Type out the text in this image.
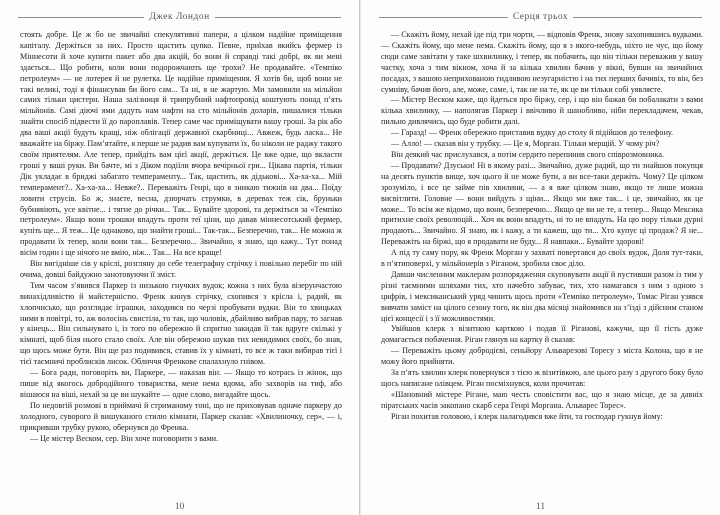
Джек Лондон

стоять добре. Це ж бо не звичайні спекулятивні папери, а цілком надійне приміщення капіталу. Держіться за них. Просто щастить цупко. Певне, приїхав якийсь фермер із Міннесоти й хоче купити пакет або два акцій, бо вони й справді такі добрі, як ви мені здається... Що робити, коли вони подорожчають ще трохи? Не продавайте. «Темпіко петролеум» — не лотерея й не рулетка. Це надійне приміщення. Я хотів би, щоб вони не такі великі, тоді я фінансував би його сам... Та ні, я не жартую. Ми замовили на мільйон самих тільки цистерн. Наша залізниця й трипрубний нафтопровід коштують понад п’ять мільйонів. Самі діючі ями дадуть нам нафти на сто мільйонів доларів, пишалися тільки знайти спосіб підвести її до пароплавів. Тепер саме час приміщувати вашу гроші. За рік або два ваші акції будуть кращі, ніж облігації державної скарбниці... Авжеж, будь ласка... Не вважайте на біржу. Пам’ятайте, я перше не радив вам купувати їх, бо ніколи не раджу такого своїм приятелям. Але тепер, прийдіть вам цієї акції, держіться. Це вже одне, що вкласти гроші у ваші руки. Ви бачте, мі з Діком подіїли вчора вечірньої гри... Цікава партія, тільки Дік укладає в бриджі забагато темпераменту... Так, щастить, як дідькові... Ха-ха-ха... Мій темперамент?.. Ха-ха-ха... Невже?.. Переважіть Генрі, що я зникаю тижнів на два... Поїду ловити струсів. Бо ж, знаєте, весна, дзюрчать струмки, в деревах теж сік, бруньки бубнявіють, усе квітне... і тягне до річки... Так... Бувайте здорові, та держіться за «Темпіко петролеум». Якщо вони трошки впадуть проти теї ціни, що давав міннесотський фермер, купіть ще... Я теж... Це однаково, що знайти гроші... Так-так... Безперечно, так... Не можна ж продавати їх тепер, коли вони так... Безперечно... Звичайно, я знаю, що кажу... Тут понад вісім годин і ще нічого не вмію, ніж... Так... На все краще!

Він вигідніше сів у кріслі, розгляну до себе телеграфну стрічку і повільно перебіг по ній очима, довші байдужно занотовуючи її зміст.

Тим часом з’явився Паркер із низькою гнучких вудок; кожна з них була візерунчастою винахідливістю й майстерністю. Френк кинув стрічку, схопився з крісла і, радий, як хлопчисько, що розглядає іграшки, заходився по черзі пробувати вудки. Він то хвицьках ними в повітрі, то, аж волосінь свистіла, то так, що чоловік, дбайливо вибрав пару, то загнав у кінець... Він сильнувато і, із того по обережно й спритно закидав її так вдруге скількі у кімнаті, щоб біля нього стало своїх. Але він обережно шукав тих невидимих своїх, бо знав, що щось може бути. Він ще раз подивився, ставив їх у кімнаті, то все ж таки вибирав тієї ї тієї таємничі проблисків лисок. Обличчя Френкове спалахнуло гнівом.

— Бога ради, поговоріть ви, Паркере, — наказав він. — Якщо то котрась із жінок, що пише від якогось добродійного товариства, мене нема вдома, або захворів на тиф, або вішаюся на віші, нехай за це ви шукайте — одне слово, вигадайте щось.

По недовгій розмові в приймачі й стриманому тоні, що не приховував одначе паркеру до холодного, суворого й вишуканого стилю кімнати, Паркер сказав: «Хвилиночку, сер», — і, прикривши трубку рукою, обернувся до Френка.

— Це містер Веском, сер. Він хоче поговорити з вами.

10
Серця трьох

— Скажіть йому, нехай іде під три чорти, — відповів Френк, знову захопившись вудками. — Скажіть йому, що мене нема. Скажіть йому, що я з якого-небудь, ніхто не чує, що йому сюди саме завітати у таке шхвилинку, і тепер, як побачить, що він тільки переважив у вашу частку, хоча з тим вікном, хоча й за кілька хвилин бачив у вікні, бувши на звичайних посадах, з вашою неприхованою гидливою незугарністю і на тих перших бачивіх, то він, без сумніву, бачив його, але, може, саме, і, так не на те, як це ви тільки собі уявляєте.

— Містер Веском каже, що йдеться про біржу, сер, і що він бажав би побалакати з вами кілька хвилинку, — наполягав Паркер і ввічливо й шанобливо, ніби перекладачем, чекав, пильно дивлячись, що буде робити далі.

— Гаразд! — Френк обережно приставив вудку до столу й підійшов до телефону.

— Алло! — сказав він у трубку. — Це я, Морган. Тільки мерщій. У чому річ?

Він деякий час прислухався, а потім сердито перепинив свого співрозмовника.

— Продавати? Дзуськи! Ні в якому разі... Звичайно, дуже радий, що ти знайшов покупця на десять пунктів вище, хоч цього й не може бути, а ви все-таки держіть. Чому? Це цілком зрозуміло, і все це займе пів хвилини, — а я вже цілком знаю, якщо те лише можна висвітлити. Головне — вони вийдуть з щіни... Якщо ми вже так... і це, звичайно, як це може... То всім же відомо, що вони, безперечно... Якщо це ви не те, а тепер... Якщо Мексика притихне своїх революцій... Хоч як вони впадуть, ні то не впадуть. На цю пору тільки дурні продають... Звичайно. Я знаю, як і кажу, а ти кажеш, що ти... Хто купує ці продаж? Я не... Переважіть на біржі, що я продавати не буду... Я навпаки... Бувайте здорові!

А під ту саму пору, як Френк Морган у захваті повертався до своїх вудок, Доля тут-таки, в п’ятиповерхі, у мільйонерів з Ріганом, зробила своє діло.

Давши численним маклерам розпорядження скуповувати акції й пустивши разом із тим у різні таємними шляхами тих, хто начебто забуває, тих, хто намагався з ним з одною з цифрів, і мексиканський уряд чинить щось проти «Темпіко петролеум», Томас Ріган узявся вивчати заміст на цілого сезону того, як він два місяці знайомився на з’їзді з дійсним станом цієї концесії і з її можливостями.

Увійшов клерк з візитною карткою і подав її Ріганові, кажучи, що її гість дуже домагається побачення. Ріган глянув на картку й сказав:

— Переважіть цьому добродієві, сеньйору Альварезові Торесу з міста Колона, що я не можу його прийняти.

За п’ять хвилин клерк повернувся з тією ж візитівкою, але цього разу з другого боку було щось написане олівцем. Ріган посміхнувся, коли прочитав:

«Шановний містере Рігане, маю честь сповістити вас, що я знаю місце, де за давніх піратських часів закопано скарб сера Генрі Моргана. Альварес Торес».

Ріган похитав головою, і клерк налагодився вже йти, та господар гукнув йому:

11
